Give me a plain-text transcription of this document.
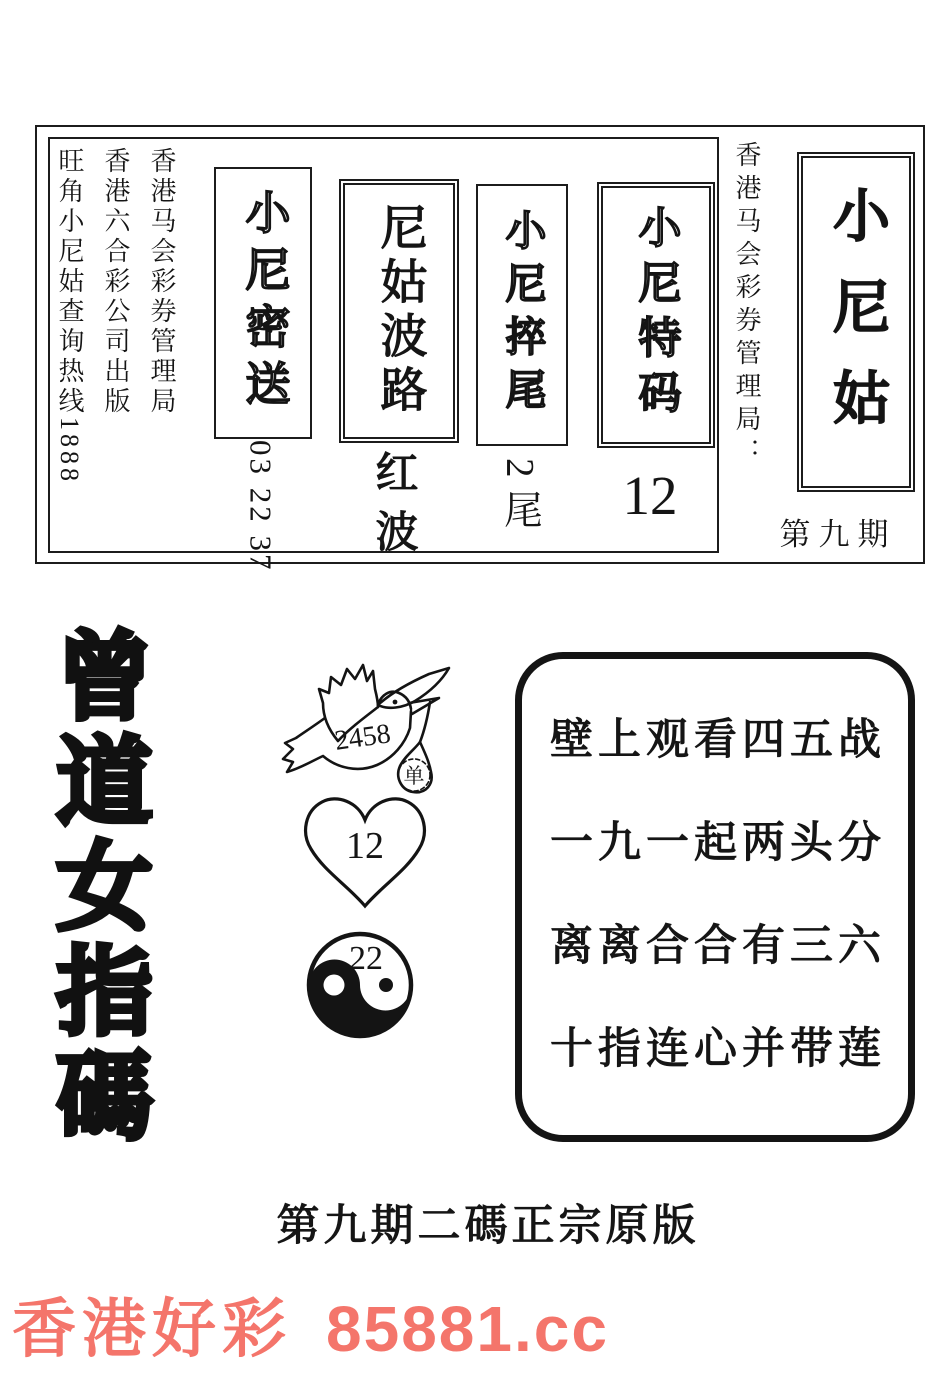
旺角小尼姑查询热线1888 香港六合彩公司出版 香港马会彩券管理局 小尼密送
03 22 37
尼姑波路
红波
小尼捽尾
2尾
小尼特码
12
香港马会彩券管理局： 小尼姑
第九期
曾道女指碼	2458
单
12
22
壁上观看四五战
一九一起两头分
离离合合有三六
十指连心并带莲
第九期二碼正宗原版
香港好彩 85881.cc
